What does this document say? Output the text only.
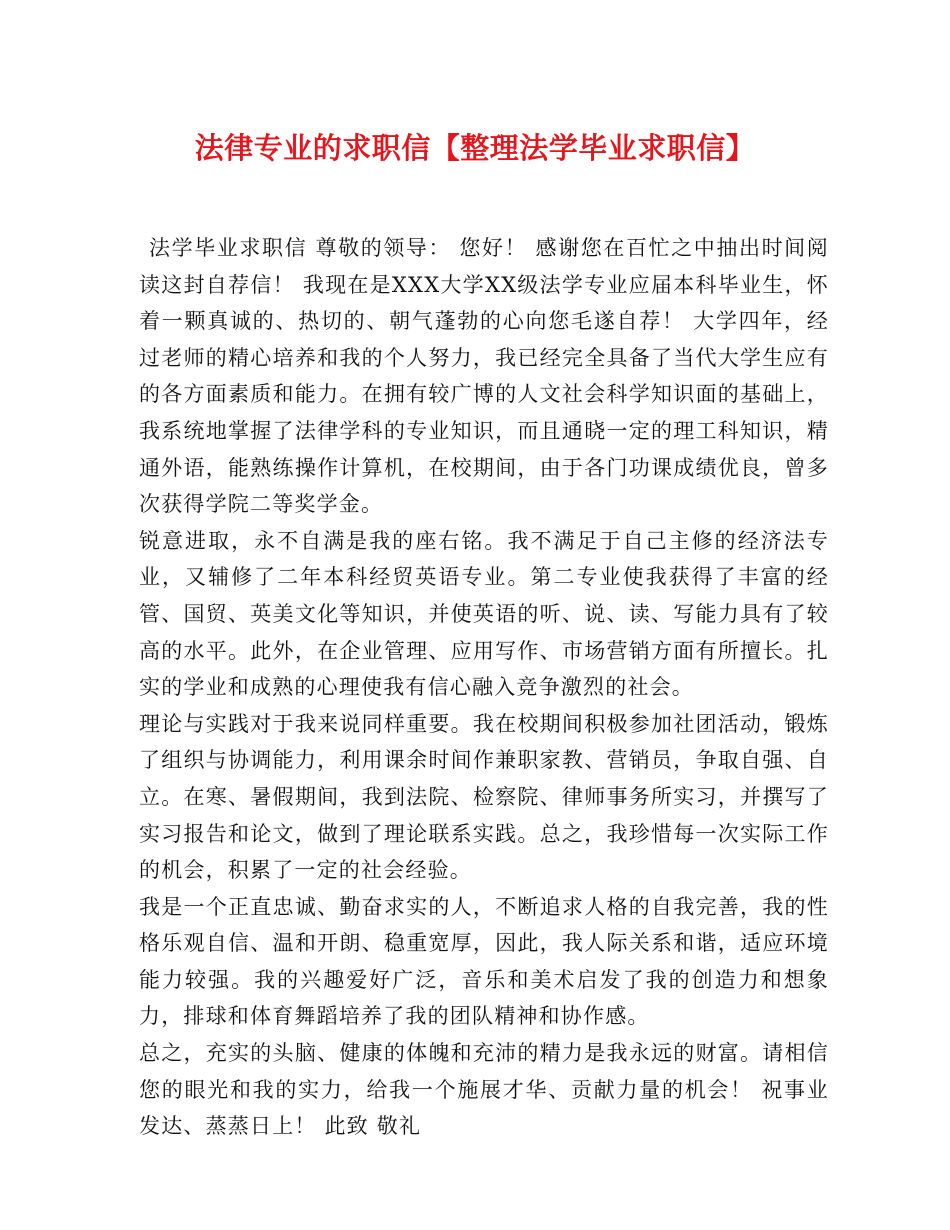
法律专业的求职信【整理法学毕业求职信】

法学毕业求职信 尊敬的领导： 您好！ 感谢您在百忙之中抽出时间阅读这封自荐信！ 我现在是XXX大学XX级法学专业应届本科毕业生，怀着一颗真诚的、热切的、朝气蓬勃的心向您毛遂自荐！ 大学四年，经过老师的精心培养和我的个人努力，我已经完全具备了当代大学生应有的各方面素质和能力。在拥有较广博的人文社会科学知识面的基础上，我系统地掌握了法律学科的专业知识，而且通晓一定的理工科知识，精通外语，能熟练操作计算机，在校期间，由于各门功课成绩优良，曾多次获得学院二等奖学金。

锐意进取，永不自满是我的座右铭。我不满足于自己主修的经济法专业，又辅修了二年本科经贸英语专业。第二专业使我获得了丰富的经管、国贸、英美文化等知识，并使英语的听、说、读、写能力具有了较高的水平。此外，在企业管理、应用写作、市场营销方面有所擅长。扎实的学业和成熟的心理使我有信心融入竞争激烈的社会。

理论与实践对于我来说同样重要。我在校期间积极参加社团活动，锻炼了组织与协调能力，利用课余时间作兼职家教、营销员，争取自强、自立。在寒、暑假期间，我到法院、检察院、律师事务所实习，并撰写了实习报告和论文，做到了理论联系实践。总之，我珍惜每一次实际工作的机会，积累了一定的社会经验。

我是一个正直忠诚、勤奋求实的人，不断追求人格的自我完善，我的性格乐观自信、温和开朗、稳重宽厚，因此，我人际关系和谐，适应环境能力较强。我的兴趣爱好广泛，音乐和美术启发了我的创造力和想象力，排球和体育舞蹈培养了我的团队精神和协作感。

总之，充实的头脑、健康的体魄和充沛的精力是我永远的财富。请相信您的眼光和我的实力，给我一个施展才华、贡献力量的机会！ 祝事业发达、蒸蒸日上！ 此致 敬礼
